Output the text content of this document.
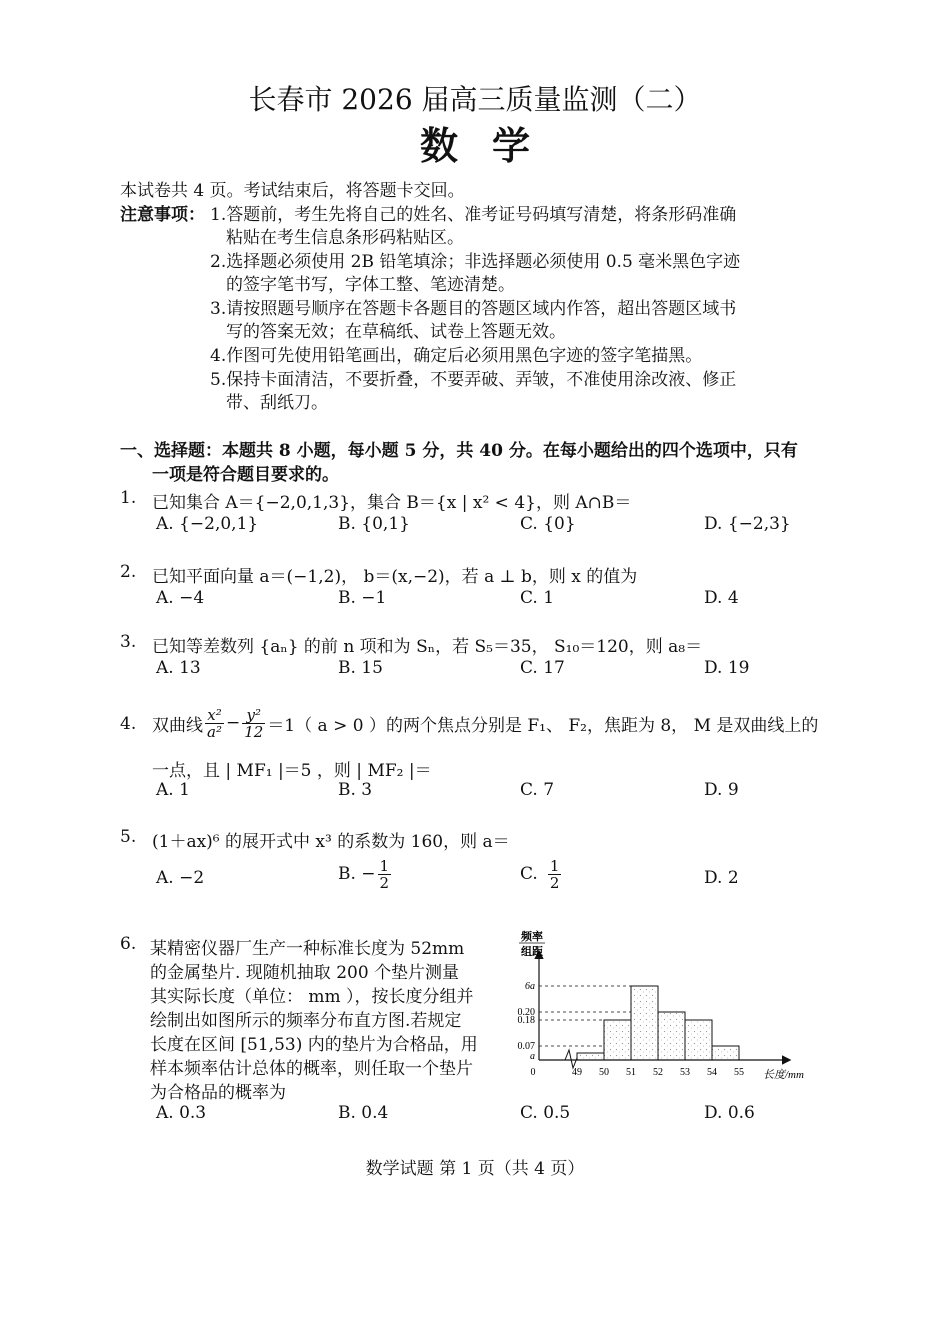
长春市 2026 届高三质量监测（二）
数学
本试卷共 4 页。考试结束后，将答题卡交回。
注意事项： 1.答题前，考生先将自己的姓名、准考证号码填写清楚，将条形码准确
粘贴在考生信息条形码粘贴区。
2.选择题必须使用 2B 铅笔填涂；非选择题必须使用 0.5 毫米黑色字迹
的签字笔书写，字体工整、笔迹清楚。
3.请按照题号顺序在答题卡各题目的答题区域内作答，超出答题区域书
写的答案无效；在草稿纸、试卷上答题无效。
4.作图可先使用铅笔画出，确定后必须用黑色字迹的签字笔描黑。
5.保持卡面清洁，不要折叠，不要弄破、弄皱，不准使用涂改液、修正
带、刮纸刀。
一、选择题：本题共 8 小题，每小题 5 分，共 40 分。在每小题给出的四个选项中，只有
一项是符合题目要求的。
1. 已知集合 A＝{−2,0,1,3}，集合 B＝{x | x² < 4}，则 A∩B＝
A. {−2,0,1}	B. {0,1}	C. {0}	D. {−2,3}
2. 已知平面向量 a＝(−1,2)， b＝(x,−2)，若 a ⊥ b，则 x 的值为
A. −4	B. −1	C. 1	D. 4
3. 已知等差数列 {aₙ} 的前 n 项和为 Sₙ，若 S₅＝35， S₁₀＝120，则 a₈＝
A. 13	B. 15	C. 17	D. 19
4. 双曲线 $\frac{\text{x²}}{\text{a²}} - \frac{\text{y²}}{12} =1$（ a > 0 ）的两个焦点分别是 F₁、 F₂，焦距为 8， M 是双曲线上的
一点，且 | MF₁ |＝5 ，则 | MF₂ |＝
A. 1	B. 3	C. 7	D. 9
5. (1＋ax)⁶ 的展开式中 x³ 的系数为 160，则 a＝
A. −2	B. − $\frac{1}{2}$	C. $\frac{1}{2}$	D. 2
6. 某精密仪器厂生产一种标准长度为 52mm
的金属垫片. 现随机抽取 200 个垫片测量
其实际长度（单位： mm ），按长度分组并
绘制出如图所示的频率分布直方图.若规定
长度在区间 [51,53) 内的垫片为合格品，用
样本频率估计总体的概率，则任取一个垫片
为合格品的概率为
A. 0.3	B. 0.4	C. 0.5	D. 0.6
频率
组距
6a
0.20
0.18
0.07
a
0	49 50 51 52 53 54 55 长度/mm
数学试题 第 1 页（共 4 页）
